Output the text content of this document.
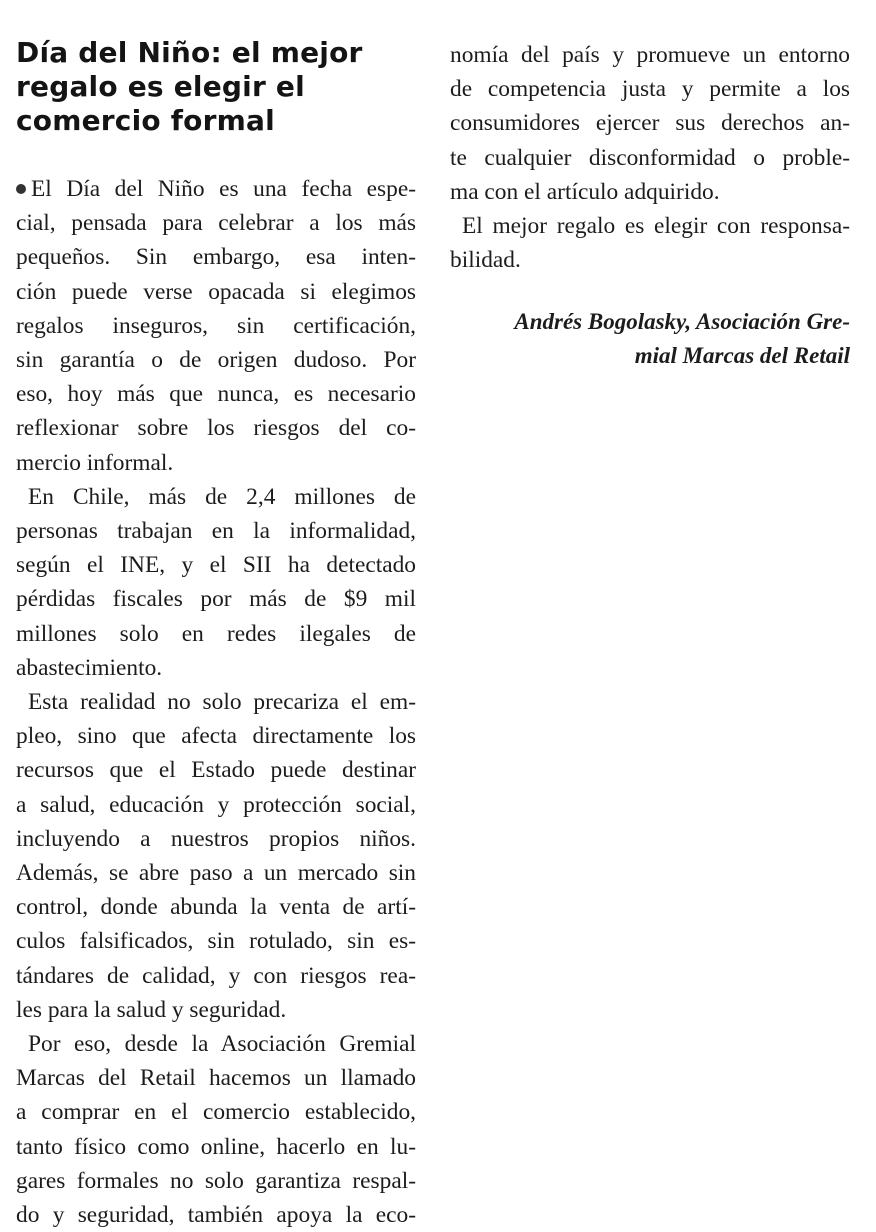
Día del Niño: el mejor
regalo es elegir el
comercio formal

El Día del Niño es una fecha espe-
cial, pensada para celebrar a los más
pequeños. Sin embargo, esa inten-
ción puede verse opacada si elegimos
regalos inseguros, sin certificación,
sin garantía o de origen dudoso. Por
eso, hoy más que nunca, es necesario
reflexionar sobre los riesgos del co-
mercio informal.

En Chile, más de 2,4 millones de
personas trabajan en la informalidad,
según el INE, y el SII ha detectado
pérdidas fiscales por más de $9 mil
millones solo en redes ilegales de
abastecimiento.

Esta realidad no solo precariza el em-
pleo, sino que afecta directamente los
recursos que el Estado puede destinar
a salud, educación y protección social,
incluyendo a nuestros propios niños.
Además, se abre paso a un mercado sin
control, donde abunda la venta de artí-
culos falsificados, sin rotulado, sin es-
tándares de calidad, y con riesgos rea-
les para la salud y seguridad.

Por eso, desde la Asociación Gremial
Marcas del Retail hacemos un llamado
a comprar en el comercio establecido,
tanto físico como online, hacerlo en lu-
gares formales no solo garantiza respal-
do y seguridad, también apoya la eco-

nomía del país y promueve un entorno
de competencia justa y permite a los
consumidores ejercer sus derechos an-
te cualquier disconformidad o proble-
ma con el artículo adquirido.

El mejor regalo es elegir con responsa-
bilidad.

Andrés Bogolasky, Asociación Gre-
mial Marcas del Retail
